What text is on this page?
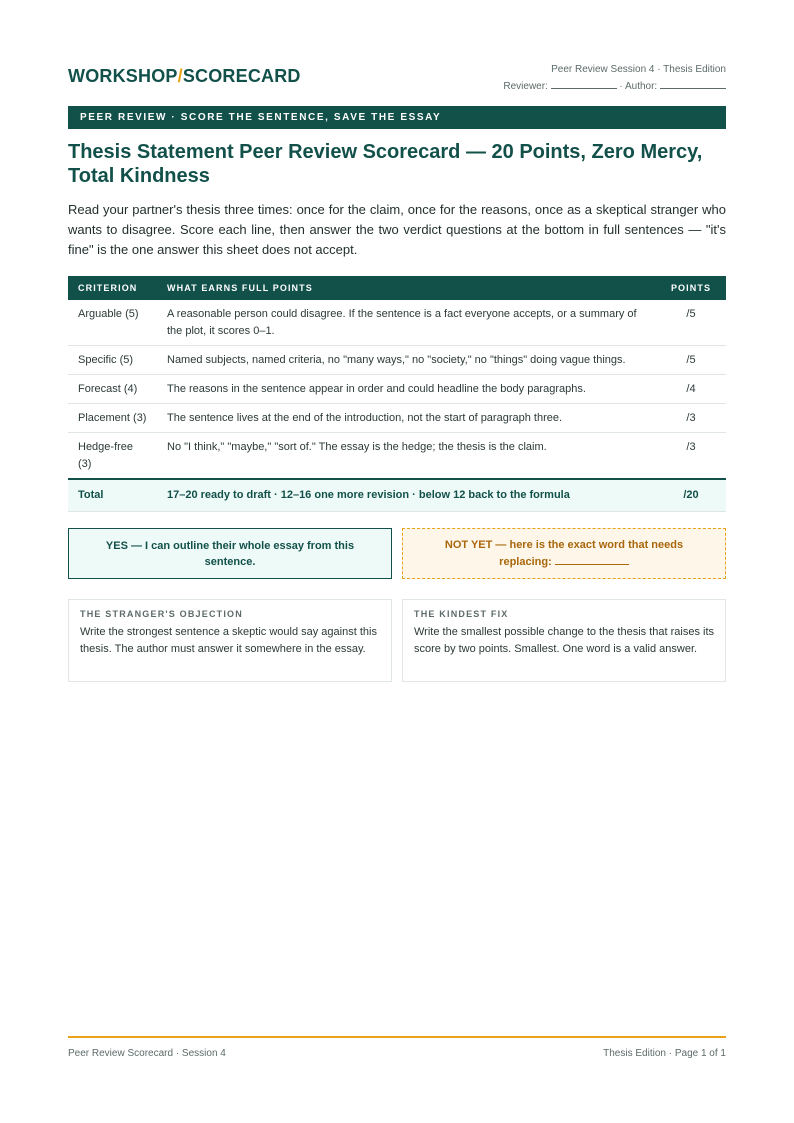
WORKSHOP/SCORECARD	Peer Review Session 4 · Thesis Edition
Reviewer:	· Author:
PEER REVIEW · SCORE THE SENTENCE, SAVE THE ESSAY
Thesis Statement Peer Review Scorecard — 20 Points, Zero Mercy, Total Kindness

Read your partner's thesis three times: once for the claim, once for the reasons, once as a skeptical stranger who wants to disagree. Score each line, then answer the two verdict questions at the bottom in full sentences — "it's fine" is the one answer this sheet does not accept.

CRITERION	WHAT EARNS FULL POINTS	POINTS
Arguable (5)	A reasonable person could disagree. If the sentence is a fact everyone accepts, or a summary of the plot, it scores 0–1.	/5
Specific (5)	Named subjects, named criteria, no "many ways," no "society," no "things" doing vague things.	/5
Forecast (4)	The reasons in the sentence appear in order and could headline the body paragraphs.	/4
Placement (3)	The sentence lives at the end of the introduction, not the start of paragraph three.	/3
Hedge-free (3)	No "I think," "maybe," "sort of." The essay is the hedge; the thesis is the claim.	/3
Total	17–20 ready to draft · 12–16 one more revision · below 12 back to the formula	/20
YES — I can outline their whole essay from this sentence.
NOT YET — here is the exact word that needs replacing:
THE STRANGER'S OBJECTION
Write the strongest sentence a skeptic would say against this thesis. The author must answer it somewhere in the essay.
THE KINDEST FIX
Write the smallest possible change to the thesis that raises its score by two points. Smallest. One word is a valid answer.
Peer Review Scorecard · Session 4	Thesis Edition · Page 1 of 1
